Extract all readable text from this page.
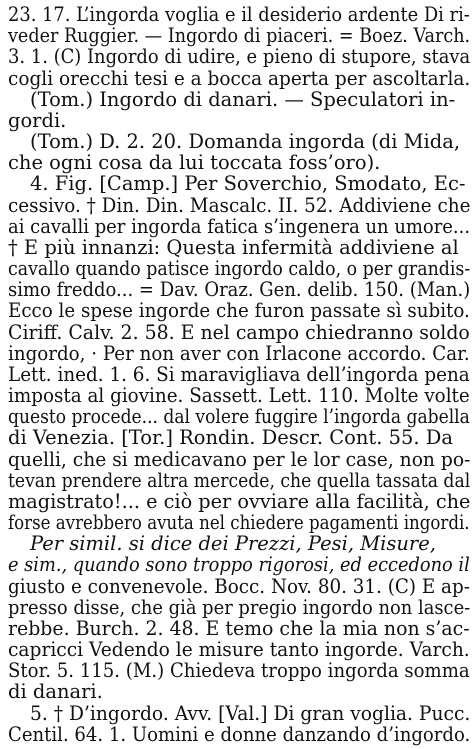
23. 17. L’ingorda voglia e il desiderio ardente Di ri-
veder Ruggier. — Ingordo di piaceri. = Boez. Varch.
3. 1. (C) Ingordo di udire, e pieno di stupore, stava
cogli orecchi tesi e a bocca aperta per ascoltarla.
(Tom.) Ingordo di danari. — Speculatori in-
gordi.
(Tom.) D. 2. 20. Domanda ingorda (di Mida,
che ogni cosa da lui toccata foss’oro).
4. Fig. [Camp.] Per Soverchio, Smodato, Ec-
cessivo. † Din. Din. Mascalc. II. 52. Addiviene che
ai cavalli per ingorda fatica s’ingenera un umore...
† E più innanzi: Questa infermità addiviene al
cavallo quando patisce ingordo caldo, o per grandis-
simo freddo... = Dav. Oraz. Gen. delib. 150. (Man.)
Ecco le spese ingorde che furon passate sì subito.
Ciriff. Calv. 2. 58. E nel campo chiedranno soldo
ingordo, · Per non aver con Irlacone accordo. Car.
Lett. ined. 1. 6. Si maravigliava dell’ingorda pena
imposta al giovine. Sassett. Lett. 110. Molte volte
questo procede... dal volere fuggire l’ingorda gabella
di Venezia. [Tor.] Rondin. Descr. Cont. 55. Da
quelli, che si medicavano per le lor case, non po-
tevan prendere altra mercede, che quella tassata dal
magistrato!... e ciò per ovviare alla facilità, che
forse avrebbero avuta nel chiedere pagamenti ingordi.
Per simil. si dice dei Prezzi, Pesi, Misure,
e sim., quando sono troppo rigorosi, ed eccedono il
giusto e convenevole. Bocc. Nov. 80. 31. (C) E ap-
presso disse, che già per pregio ingordo non lasce-
rebbe. Burch. 2. 48. E temo che la mia non s’ac-
capricci Vedendo le misure tanto ingorde. Varch.
Stor. 5. 115. (M.) Chiedeva troppo ingorda somma
di danari.
5. † D’ingordo. Avv. [Val.] Di gran voglia. Pucc.
Centil. 64. 1. Uomini e donne danzando d’ingordo.
